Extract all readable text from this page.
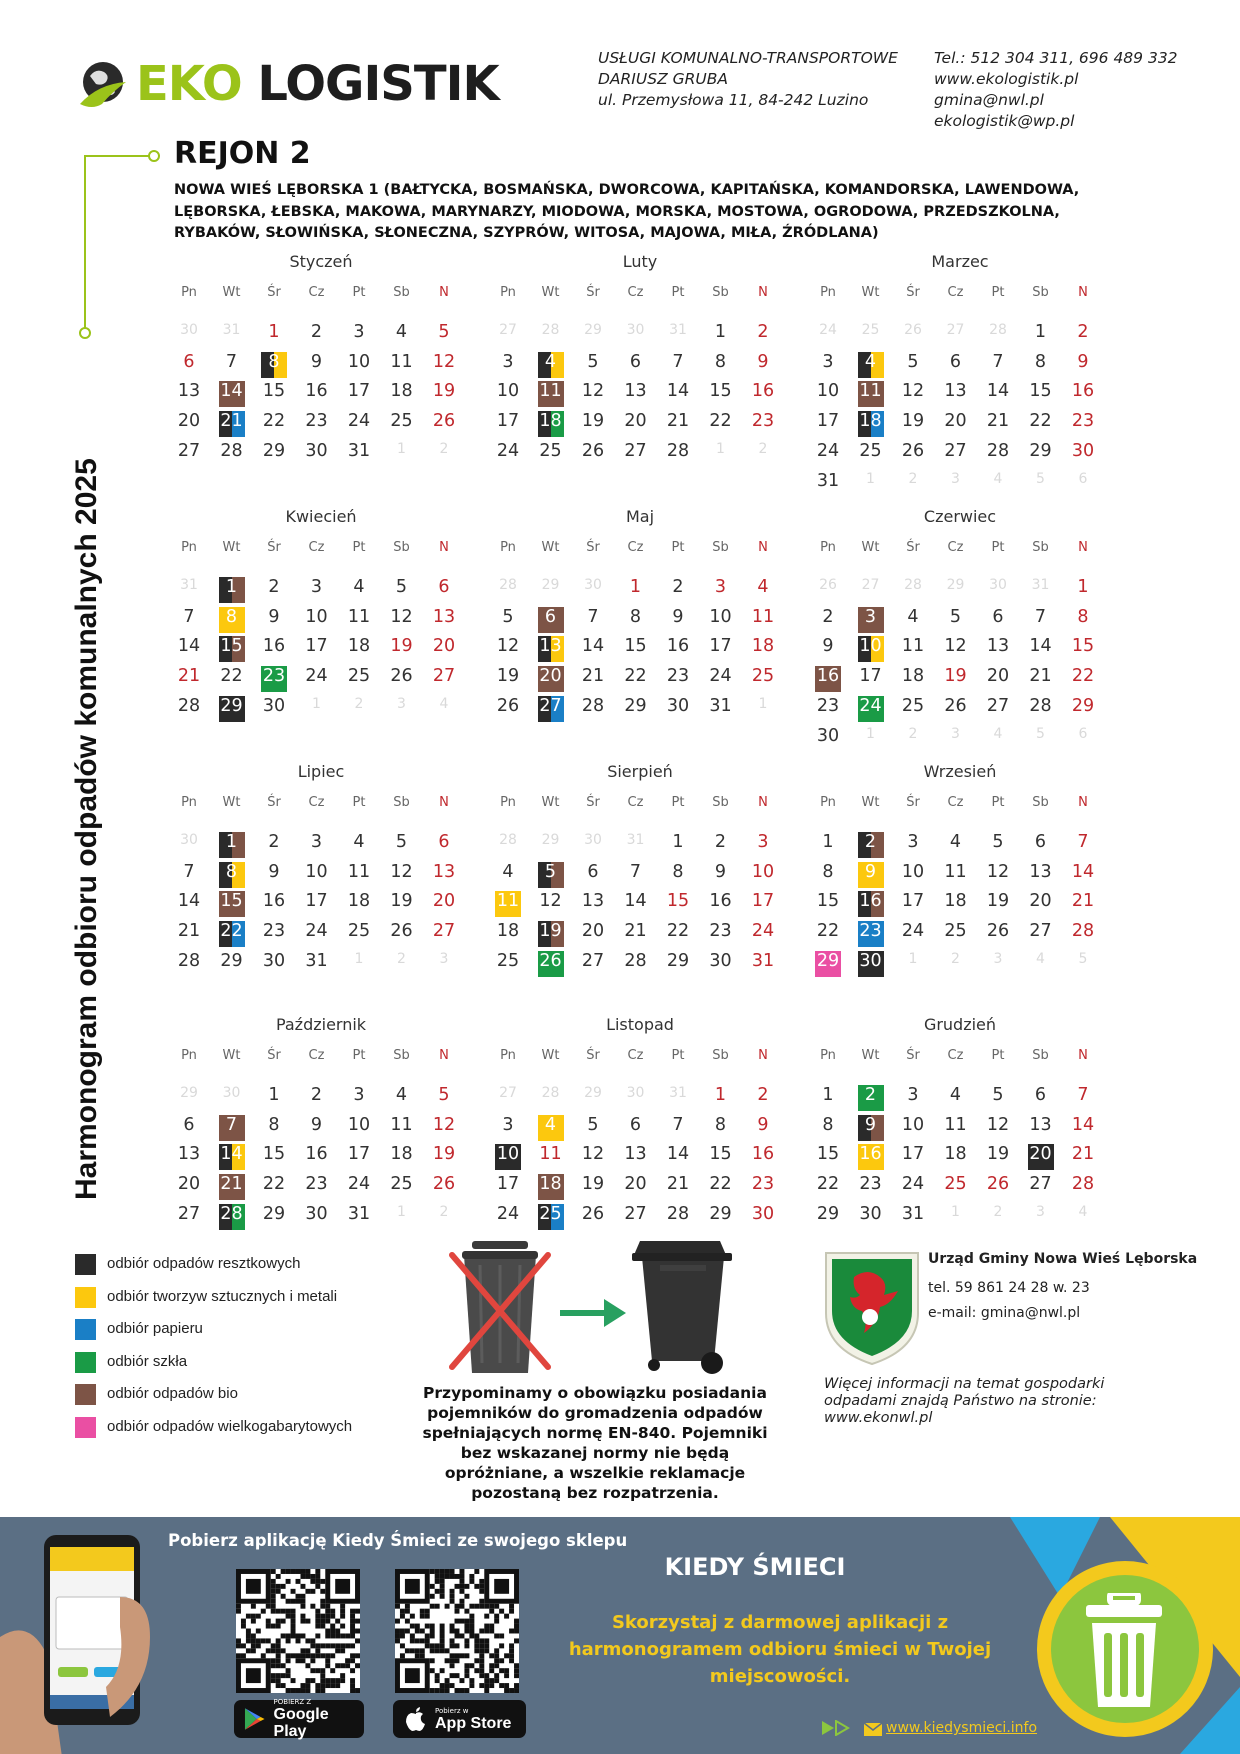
EKO LOGISTIK	USŁUGI KOMUNALNO-TRANSPORTOWE
DARIUSZ GRUBA
ul. Przemysłowa 11, 84-242 Luzino
Tel.: 512 304 311, 696 489 332
www.ekologistik.pl
gmina@nwl.pl
ekologistik@wp.pl
Harmonogram odbioru odpadów komunalnych 2025
REJON 2
NOWA WIEŚ LĘBORSKA 1 (BAŁTYCKA, BOSMAŃSKA, DWORCOWA, KAPITAŃSKA, KOMANDORSKA, LAWENDOWA, LĘBORSKA, ŁEBSKA, MAKOWA, MARYNARZY, MIODOWA, MORSKA, MOSTOWA, OGRODOWA, PRZEDSZKOLNA, RYBAKÓW, SŁOWIŃSKA, SŁONECZNA, SZYPRÓW, WITOSA, MAJOWA, MIŁA, ŹRÓDLANA)
Styczeń
Pn	Wt	Śr	Cz	Pt	Sb	N
30	31	1	2	3	4	5
6	7	8	9	10 11 12
13 14 15 16 17 18 19
20 21 22 23 24 25 26
27 28 29 30 31	1	2
Luty
Pn	Wt	Śr	Cz	Pt	Sb	N
27	28	29	30	31	1	2
3	4	5	6	7	8	9
10 11 12 13 14 15 16
17 18 19 20 21 22 23
24 25 26 27 28	1	2
Marzec
Pn	Wt	Śr	Cz	Pt	Sb	N
24	25	26	27	28	1	2
3	4	5	6	7	8	9
10 11 12 13 14 15 16
17 18 19 20 21 22 23
24 25 26 27 28 29 30
31	1	2	3	4	5	6
Kwiecień
Pn	Wt	Śr	Cz	Pt	Sb	N
31	1	2	3	4	5	6
7	8	9	10 11 12 13
14 15 16 17 18 19 20
21 22 23 24 25 26 27
28 29 30	1	2	3	4
Maj
Pn	Wt	Śr	Cz	Pt	Sb	N
28	29	30	1	2	3	4
5	6	7	8	9	10 11
12 13 14 15 16 17 18
19 20 21 22 23 24 25
26 27 28 29 30 31	1
Czerwiec
Pn	Wt	Śr	Cz	Pt	Sb	N
26	27	28	29	30	31	1
2	3	4	5	6	7	8
9	10 11 12 13 14 15
16 17 18 19 20 21 22
23 24 25 26 27 28 29
30	1	2	3	4	5	6
Lipiec
Pn	Wt	Śr	Cz	Pt	Sb	N
30	1	2	3	4	5	6
7	8	9	10 11 12 13
14 15 16 17 18 19 20
21 22 23 24 25 26 27
28 29 30 31	1	2	3
Sierpień
Pn	Wt	Śr	Cz	Pt	Sb	N
28	29	30	31	1	2	3
4	5	6	7	8	9	10
11 12 13 14 15 16 17
18 19 20 21 22 23 24
25 26 27 28 29 30 31
Wrzesień
Pn	Wt	Śr	Cz	Pt	Sb	N
1	2	3	4	5	6	7
8	9	10 11 12 13 14
15 16 17 18 19 20 21
22 23 24 25 26 27 28
29 30	1	2	3	4	5
Październik
Pn	Wt	Śr	Cz	Pt	Sb	N
29	30	1	2	3	4	5
6	7	8	9	10 11 12
13 14 15 16 17 18 19
20 21 22 23 24 25 26
27 28 29 30 31	1	2
Listopad
Pn	Wt	Śr	Cz	Pt	Sb	N
27	28	29	30	31	1	2
3	4	5	6	7	8	9
10 11 12 13 14 15 16
17 18 19 20 21 22 23
24 25 26 27 28 29 30
Grudzień
Pn	Wt	Śr	Cz	Pt	Sb	N
1	2	3	4	5	6	7
8	9	10 11 12 13 14
15 16 17 18 19 20 21
22 23 24 25 26 27 28
29 30 31	1	2	3	4
odbiór odpadów resztkowych
odbiór tworzyw sztucznych i metali
odbiór papieru
odbiór szkła
odbiór odpadów bio
odbiór odpadów wielkogabarytowych
Przypominamy o obowiązku posiadania pojemników do gromadzenia odpadów spełniających normę EN-840. Pojemniki bez wskazanej normy nie będą opróżniane, a wszelkie reklamacje pozostaną bez rozpatrzenia.
Urząd Gminy Nowa Wieś Lęborska
tel. 59 861 24 28 w. 23
e-mail: gmina@nwl.pl
Więcej informacji na temat gospodarki odpadami znajdą Państwo na stronie: www.ekonwl.pl
Pobierz aplikację Kiedy Śmieci ze swojego sklepu
POBIERZ Z
Google Play
Pobierz w
App Store
KIEDY ŚMIECI
Skorzystaj z darmowej aplikacji z harmonogramem odbioru śmieci w Twojej miejscowości.
www.kiedysmieci.info
